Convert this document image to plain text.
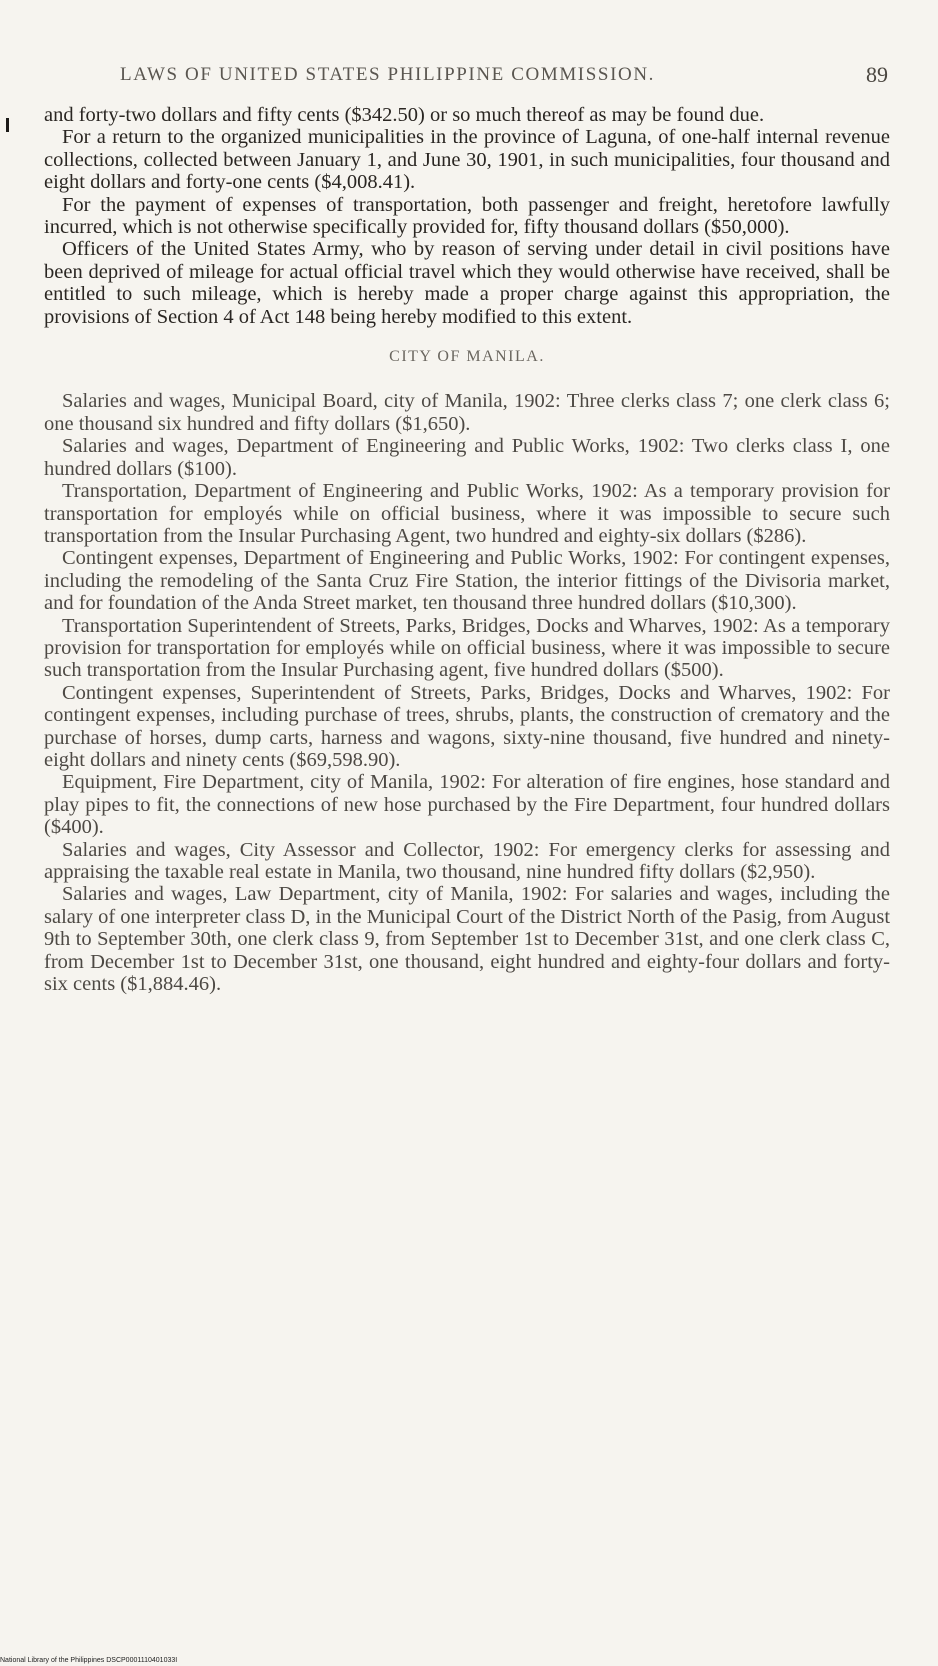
LAWS OF UNITED STATES PHILIPPINE COMMISSION.	89

and forty-two dollars and fifty cents ($342.50) or so much thereof as may be found due.

For a return to the organized municipalities in the province of Laguna, of one-half internal revenue collections, collected between January 1, and June 30, 1901, in such municipalities, four thousand and eight dollars and forty-one cents ($4,008.41).

For the payment of expenses of transportation, both passenger and freight, heretofore lawfully incurred, which is not otherwise specifically provided for, fifty thousand dollars ($50,000).

Officers of the United States Army, who by reason of serving under detail in civil positions have been deprived of mileage for actual official travel which they would otherwise have received, shall be entitled to such mileage, which is hereby made a proper charge against this appropriation, the provisions of Section 4 of Act 148 being hereby modified to this extent.

CITY OF MANILA.

Salaries and wages, Municipal Board, city of Manila, 1902: Three clerks class 7; one clerk class 6; one thousand six hundred and fifty dollars ($1,650).

Salaries and wages, Department of Engineering and Public Works, 1902: Two clerks class I, one hundred dollars ($100).

Transportation, Department of Engineering and Public Works, 1902: As a temporary provision for transportation for employés while on official business, where it was impossible to secure such transportation from the Insular Purchasing Agent, two hundred and eighty-six dollars ($286).

Contingent expenses, Department of Engineering and Public Works, 1902: For contingent expenses, including the remodeling of the Santa Cruz Fire Station, the interior fittings of the Divisoria market, and for foundation of the Anda Street market, ten thousand three hundred dollars ($10,300).

Transportation Superintendent of Streets, Parks, Bridges, Docks and Wharves, 1902: As a temporary provision for transportation for employés while on official business, where it was impossible to secure such transportation from the Insular Purchasing agent, five hundred dollars ($500).

Contingent expenses, Superintendent of Streets, Parks, Bridges, Docks and Wharves, 1902: For contingent expenses, including purchase of trees, shrubs, plants, the construction of crematory and the purchase of horses, dump carts, harness and wagons, sixty-nine thousand, five hundred and ninety-eight dollars and ninety cents ($69,598.90).

Equipment, Fire Department, city of Manila, 1902: For alteration of fire engines, hose standard and play pipes to fit, the connections of new hose purchased by the Fire Department, four hundred dollars ($400).

Salaries and wages, City Assessor and Collector, 1902: For emergency clerks for assessing and appraising the taxable real estate in Manila, two thousand, nine hundred fifty dollars ($2,950).

Salaries and wages, Law Department, city of Manila, 1902: For salaries and wages, including the salary of one interpreter class D, in the Municipal Court of the District North of the Pasig, from August 9th to September 30th, one clerk class 9, from September 1st to December 31st, and one clerk class C, from December 1st to December 31st, one thousand, eight hundred and eighty-four dollars and forty-six cents ($1,884.46).

National Library of the Philippines DSCP0001110401033I
